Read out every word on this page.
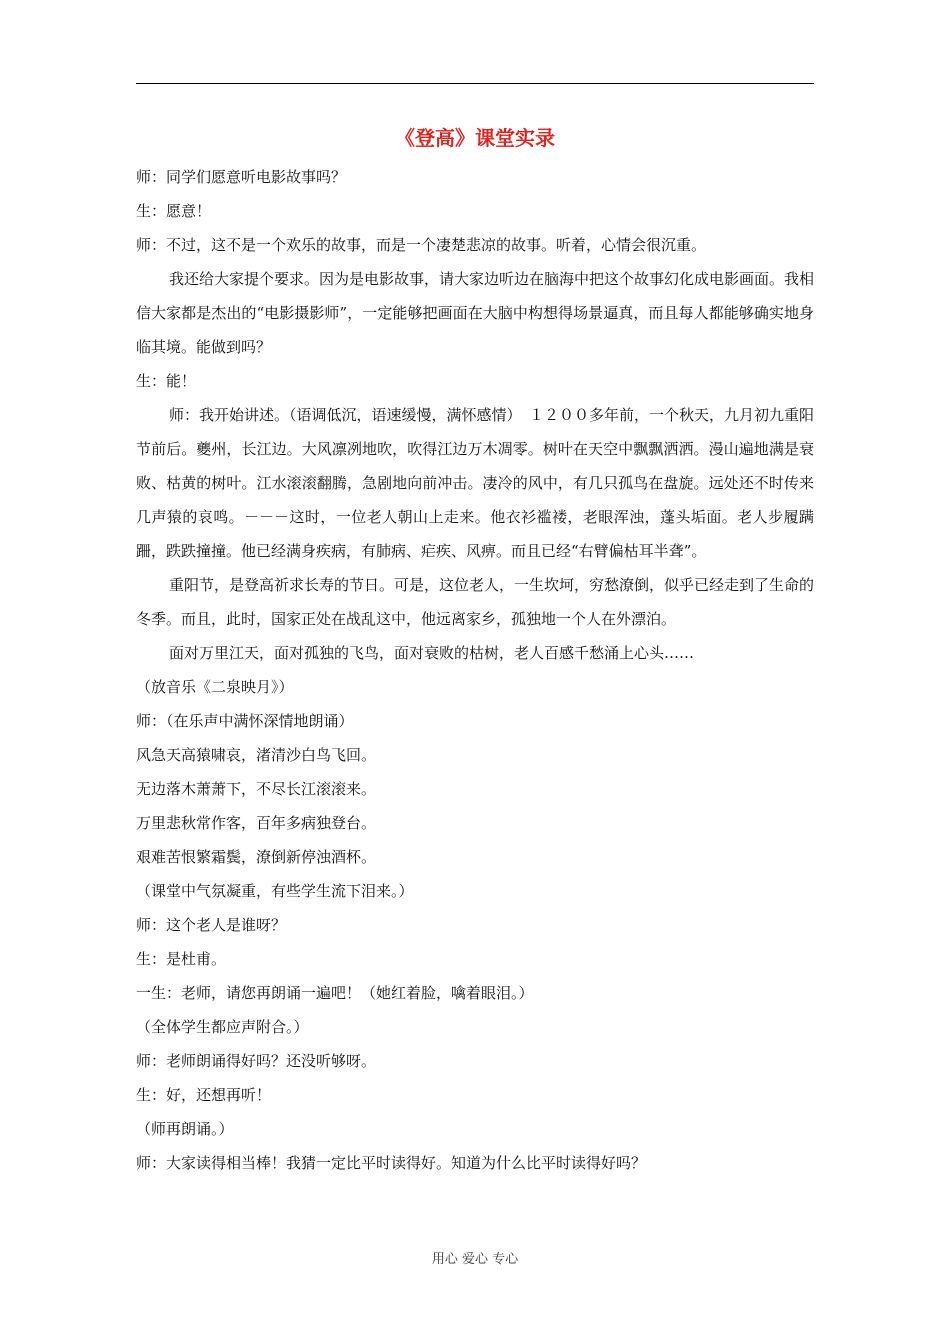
《登高》课堂实录

师：同学们愿意听电影故事吗？

生：愿意！

师：不过，这不是一个欢乐的故事，而是一个凄楚悲凉的故事。听着，心情会很沉重。

我还给大家提个要求。因为是电影故事，请大家边听边在脑海中把这个故事幻化成电影画面。我相信大家都是杰出的“电影摄影师”，一定能够把画面在大脑中构想得场景逼真，而且每人都能够确实地身临其境。能做到吗？

生：能！

师：我开始讲述。（语调低沉，语速缓慢，满怀感情）　１２００多年前，一个秋天，九月初九重阳节前后。夔州，长江边。大风凛冽地吹，吹得江边万木凋零。树叶在天空中飘飘洒洒。漫山遍地满是衰败、枯黄的树叶。江水滚滚翻腾，急剧地向前冲击。凄冷的风中，有几只孤鸟在盘旋。远处还不时传来几声猿的哀鸣。－－－这时，一位老人朝山上走来。他衣衫褴褛，老眼浑浊，蓬头垢面。老人步履蹒跚，跌跌撞撞。他已经满身疾病，有肺病、疟疾、风痹。而且已经“右臂偏枯耳半聋”。

重阳节，是登高祈求长寿的节日。可是，这位老人，一生坎坷，穷愁潦倒，似乎已经走到了生命的冬季。而且，此时，国家正处在战乱这中，他远离家乡，孤独地一个人在外漂泊。

面对万里江天，面对孤独的飞鸟，面对衰败的枯树，老人百感千愁涌上心头……

（放音乐《二泉映月》）

师：（在乐声中满怀深情地朗诵）

风急天高猿啸哀，渚清沙白鸟飞回。

无边落木萧萧下，不尽长江滚滚来。

万里悲秋常作客，百年多病独登台。

艰难苦恨繁霜鬓，潦倒新停浊酒杯。

（课堂中气氛凝重，有些学生流下泪来。）

师：这个老人是谁呀？

生：是杜甫。

一生：老师，请您再朗诵一遍吧！（她红着脸，噙着眼泪。）

（全体学生都应声附合。）

师：老师朗诵得好吗？还没听够呀。

生：好，还想再听！

（师再朗诵。）

师：大家读得相当棒！我猜一定比平时读得好。知道为什么比平时读得好吗？

用心 爱心 专心
